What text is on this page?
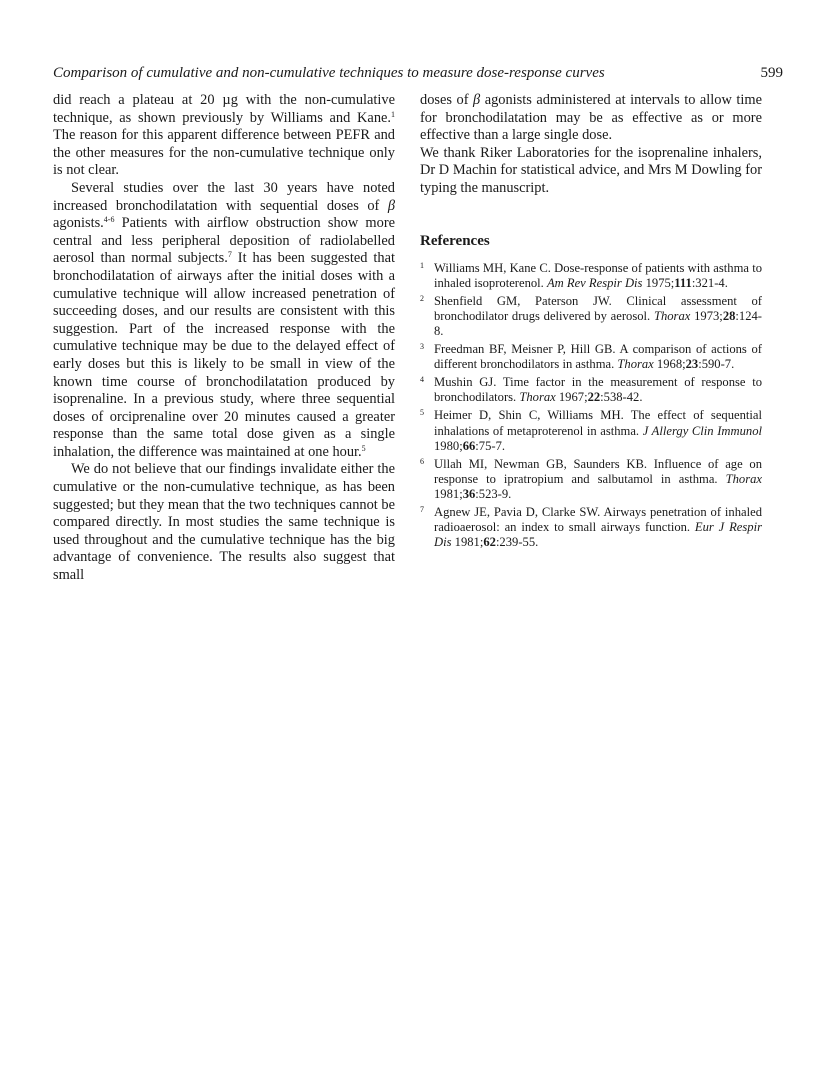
Comparison of cumulative and non-cumulative techniques to measure dose-response curves	599

did reach a plateau at 20 µg with the non-cumulative technique, as shown previously by Williams and Kane.$^1$ The reason for this apparent difference between PEFR and the other measures for the non-cumulative technique only is not clear.

Several studies over the last 30 years have noted increased bronchodilatation with sequential doses of β agonists.$^{4-6}$ Patients with airflow obstruction show more central and less peripheral deposition of radiolabelled aerosol than normal subjects.$^7$ It has been suggested that bronchodilatation of airways after the initial doses with a cumulative technique will allow increased penetration of succeeding doses, and our results are consistent with this suggestion. Part of the increased response with the cumulative technique may be due to the delayed effect of early doses but this is likely to be small in view of the known time course of bronchodilatation produced by isoprenaline. In a previous study, where three sequential doses of orciprenaline over 20 minutes caused a greater response than the same total dose given as a single inhalation, the difference was maintained at one hour.$^5$

We do not believe that our findings invalidate either the cumulative or the non-cumulative technique, as has been suggested; but they mean that the two techniques cannot be compared directly. In most studies the same technique is used throughout and the cumulative technique has the big advantage of convenience. The results also suggest that small

doses of β agonists administered at intervals to allow time for bronchodilatation may be as effective as or more effective than a large single dose.

We thank Riker Laboratories for the isoprenaline inhalers, Dr D Machin for statistical advice, and Mrs M Dowling for typing the manuscript.

References
1 Williams MH, Kane C. Dose-response of patients with asthma to inhaled isoproterenol. Am Rev Respir Dis 1975;111:321-4.
2 Shenfield GM, Paterson JW. Clinical assessment of bronchodilator drugs delivered by aerosol. Thorax 1973;28:124-8.
3 Freedman BF, Meisner P, Hill GB. A comparison of actions of different bronchodilators in asthma. Thorax 1968;23:590-7.
4 Mushin GJ. Time factor in the measurement of response to bronchodilators. Thorax 1967;22:538-42.
5 Heimer D, Shin C, Williams MH. The effect of sequential inhalations of metaproterenol in asthma. J Allergy Clin Immunol 1980;66:75-7.
6 Ullah MI, Newman GB, Saunders KB. Influence of age on response to ipratropium and salbutamol in asthma. Thorax 1981;36:523-9.
7 Agnew JE, Pavia D, Clarke SW. Airways penetration of inhaled radioaerosol: an index to small airways function. Eur J Respir Dis 1981;62:239-55.
